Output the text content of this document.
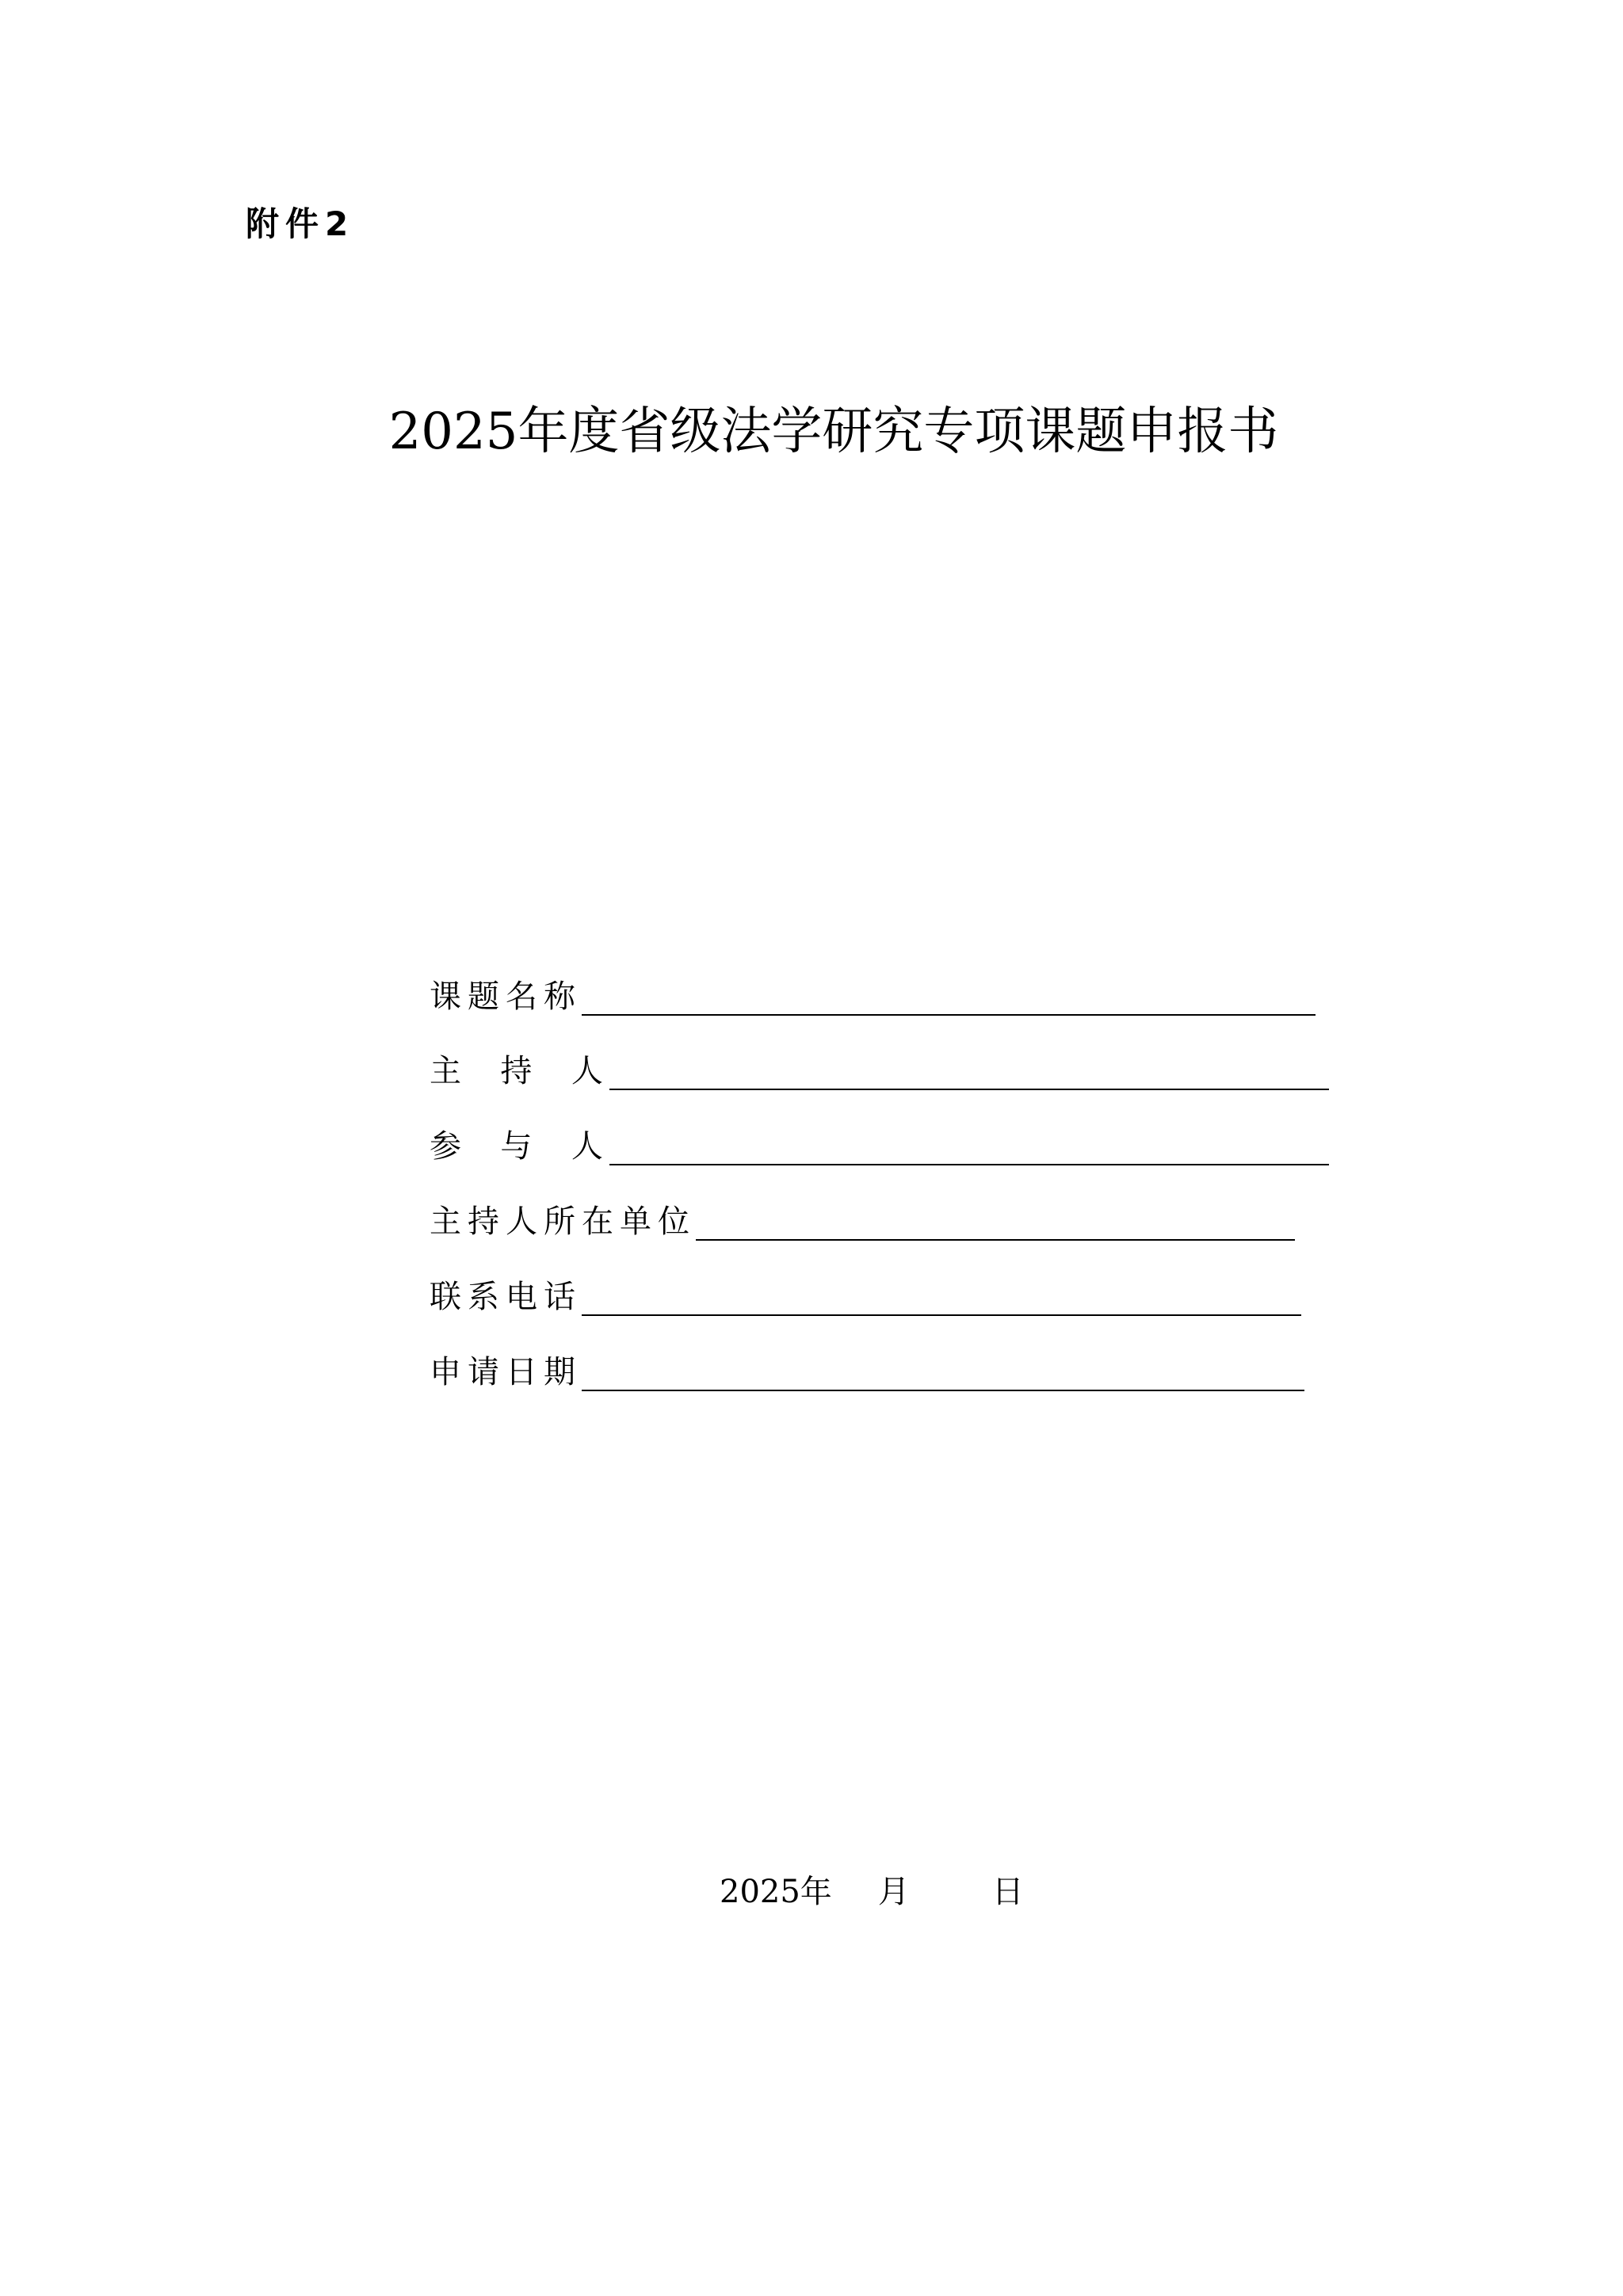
附件2
2025年度省级法学研究专项课题申报书
课题名称
主  持  人
参  与  人
主持人所在单位
联系电话
申请日期
2025年 月	日
